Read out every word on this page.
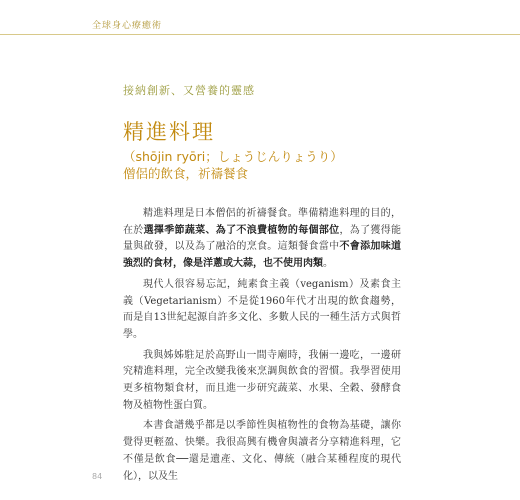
全球身心療癒術
接納創新、又營養的靈感
精進料理
（shōjin ryōri；しょうじんりょうり）
僧侶的飲食，祈禱餐食

精進料理是日本僧侶的祈禱餐食。準備精進料理的目的，在於選擇季節蔬菜、為了不浪費植物的每個部位，為了獲得能量與啟發，以及為了融洽的烹食。這類餐食當中不會添加味道強烈的食材，像是洋蔥或大蒜，也不使用肉類。

現代人很容易忘記，純素食主義（veganism）及素食主義（Vegetarianism）不是從1960年代才出現的飲食趨勢，而是自13世紀起源自許多文化、多數人民的一種生活方式與哲學。

我與姊姊駐足於高野山一間寺廟時，我倆一邊吃，一邊研究精進料理，完全改變我後來烹調與飲食的習慣。我學習使用更多植物類食材，而且進一步研究蔬菜、水果、全穀、發酵食物及植物性蛋白質。

本書食譜幾乎都是以季節性與植物性的食物為基礎，讓你覺得更輕盈、快樂。我很高興有機會與讀者分享精進料理，它不僅是飲食──還是遺產、文化、傳統（融合某種程度的現代化），以及生

84
